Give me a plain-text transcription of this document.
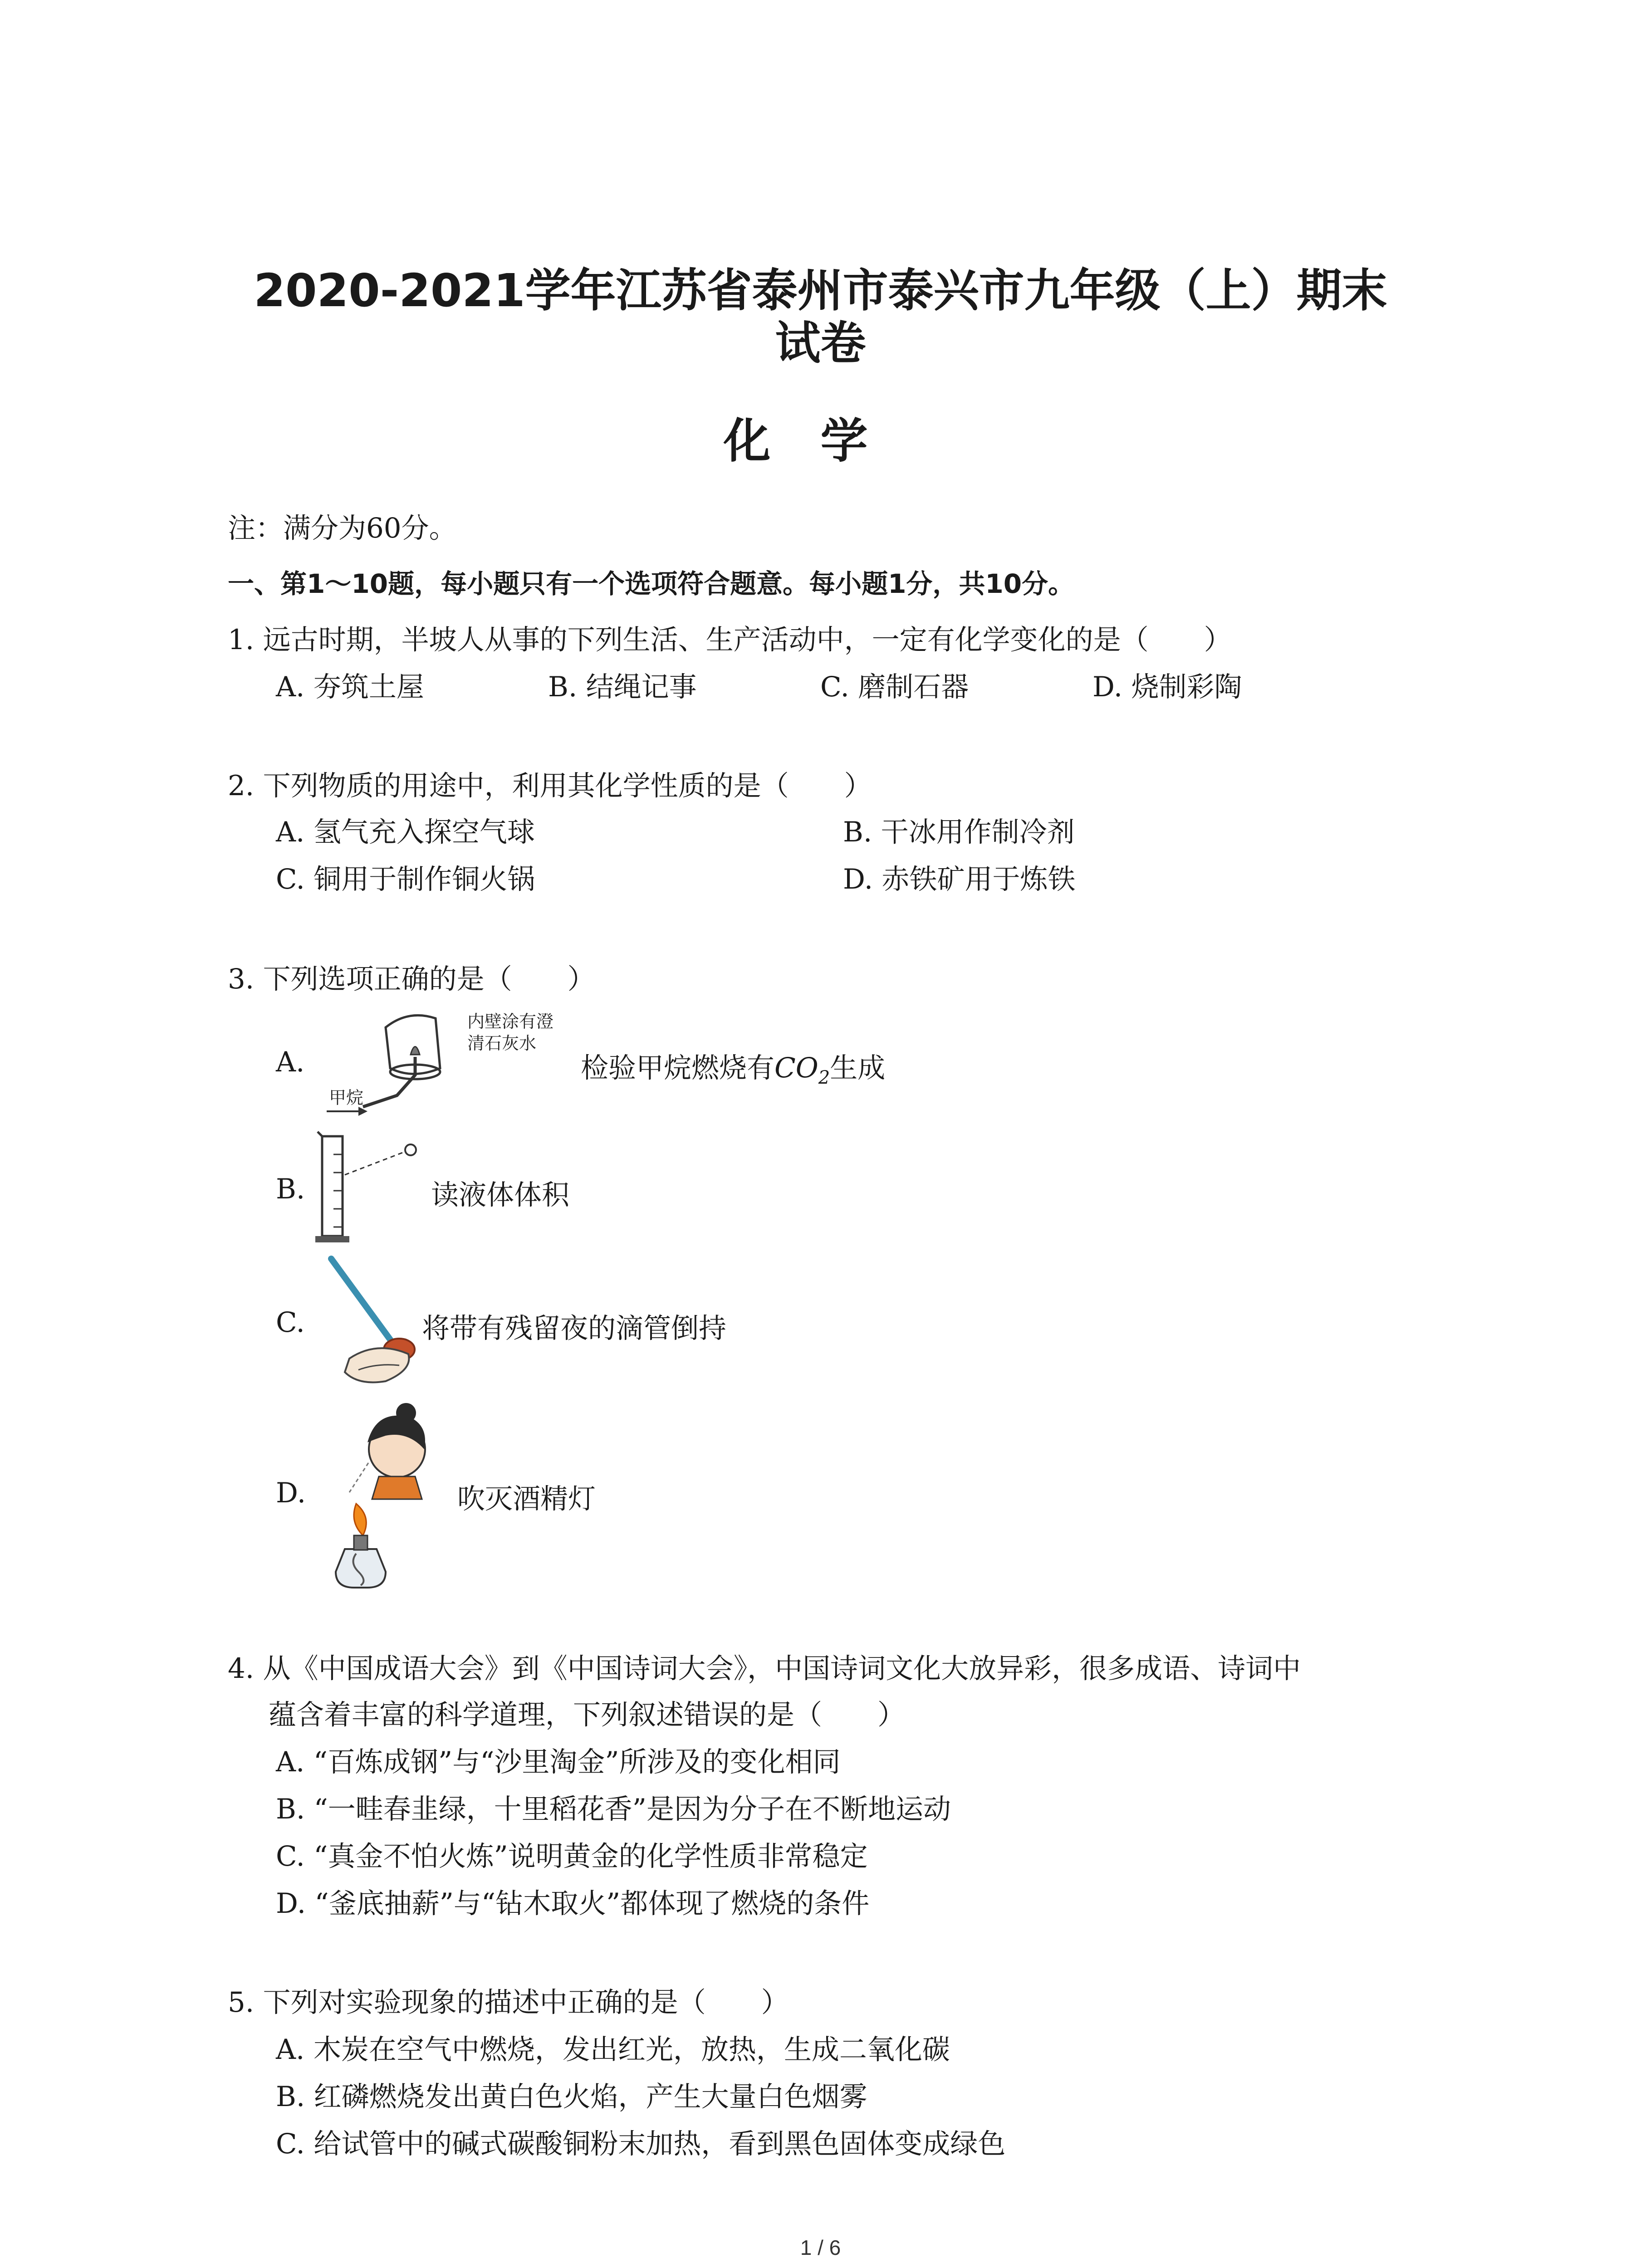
2020-2021学年江苏省泰州市泰兴市九年级（上）期末
试卷
化学
注：满分为60分。
一、第1～10题，每小题只有一个选项符合题意。每小题1分，共10分。
1. 远古时期，半坡人从事的下列生活、生产活动中，一定有化学变化的是（　　）
A. 夯筑土屋	B. 结绳记事	C. 磨制石器	D. 烧制彩陶
2. 下列物质的用途中，利用其化学性质的是（　　）
A. 氢气充入探空气球	B. 干冰用作制冷剂
C. 铜用于制作铜火锅	D. 赤铁矿用于炼铁
3. 下列选项正确的是（　　）
A.
内壁涂有澄
清石灰水
甲烷
检验甲烷燃烧有$CO_2$生成
B.	读液体体积
C.	将带有残留夜的滴管倒持
D.	吹灭酒精灯
4. 从《中国成语大会》到《中国诗词大会》，中国诗词文化大放异彩，很多成语、诗词中
蕴含着丰富的科学道理，下列叙述错误的是（　　）
A. “百炼成钢”与“沙里淘金”所涉及的变化相同
B. “一畦春韭绿，十里稻花香”是因为分子在不断地运动
C. “真金不怕火炼”说明黄金的化学性质非常稳定
D. “釜底抽薪”与“钻木取火”都体现了燃烧的条件
5. 下列对实验现象的描述中正确的是（　　）
A. 木炭在空气中燃烧，发出红光，放热，生成二氧化碳
B. 红磷燃烧发出黄白色火焰，产生大量白色烟雾
C. 给试管中的碱式碳酸铜粉末加热，看到黑色固体变成绿色
1 / 6
